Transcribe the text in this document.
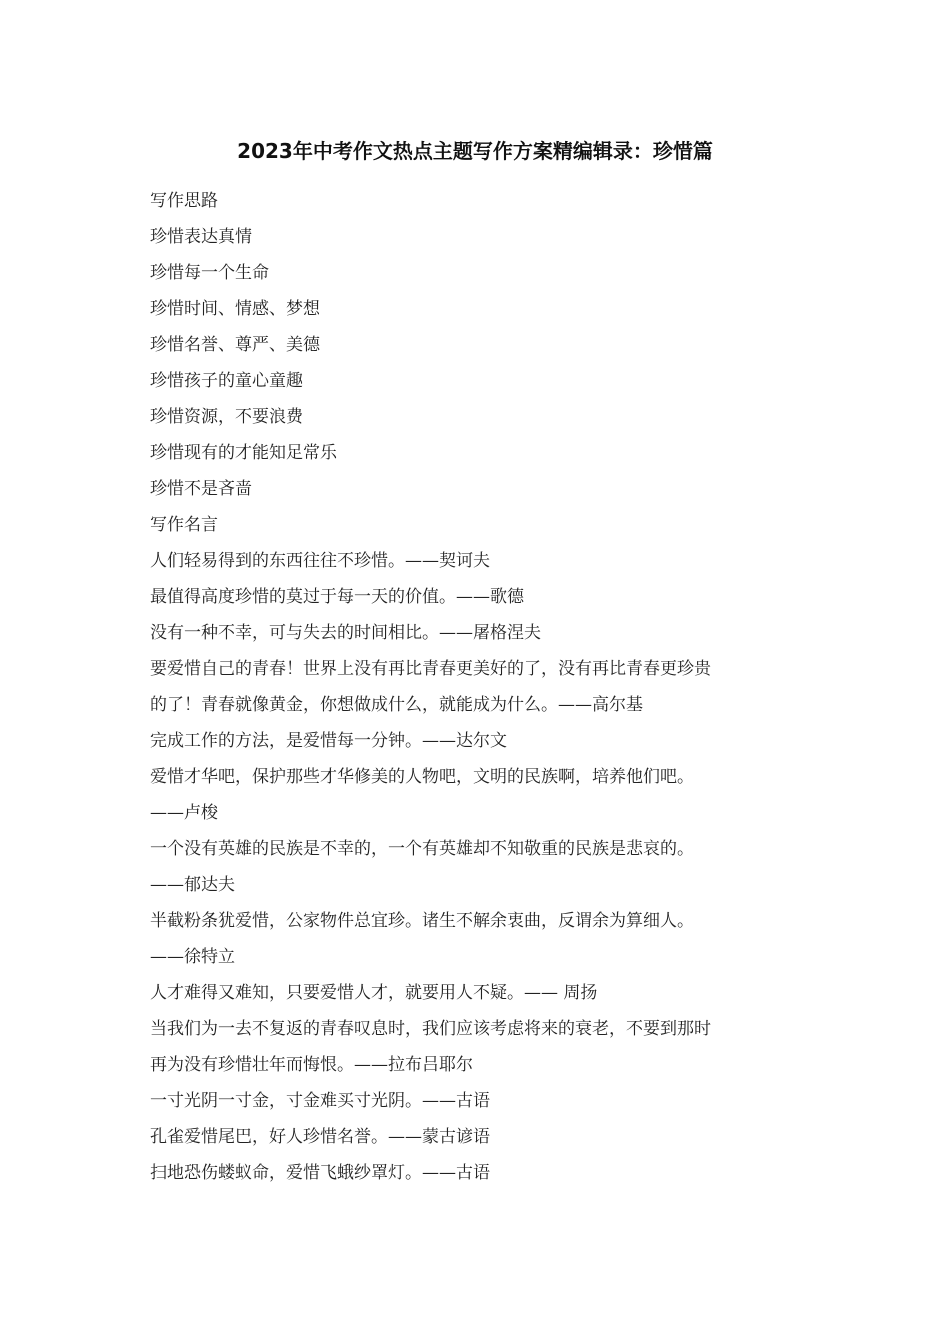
2023年中考作文热点主题写作方案精编辑录：珍惜篇

写作思路

珍惜表达真情

珍惜每一个生命

珍惜时间、情感、梦想

珍惜名誉、尊严、美德

珍惜孩子的童心童趣

珍惜资源，不要浪费

珍惜现有的才能知足常乐

珍惜不是吝啬

写作名言

人们轻易得到的东西往往不珍惜。——契诃夫

最值得高度珍惜的莫过于每一天的价值。——歌德

没有一种不幸，可与失去的时间相比。——屠格涅夫

要爱惜自己的青春！世界上没有再比青春更美好的了，没有再比青春更珍贵

的了！青春就像黄金，你想做成什么，就能成为什么。——高尔基

完成工作的方法，是爱惜每一分钟。——达尔文

爱惜才华吧，保护那些才华修美的人物吧，文明的民族啊，培养他们吧。

——卢梭

一个没有英雄的民族是不幸的，一个有英雄却不知敬重的民族是悲哀的。

——郁达夫

半截粉条犹爱惜，公家物件总宜珍。诸生不解余衷曲，反谓余为算细人。

——徐特立

人才难得又难知，只要爱惜人才，就要用人不疑。—— 周扬

当我们为一去不复返的青春叹息时，我们应该考虑将来的衰老，不要到那时

再为没有珍惜壮年而悔恨。——拉布吕耶尔

一寸光阴一寸金，寸金难买寸光阴。——古语

孔雀爱惜尾巴，好人珍惜名誉。——蒙古谚语

扫地恐伤蝼蚁命，爱惜飞蛾纱罩灯。——古语
